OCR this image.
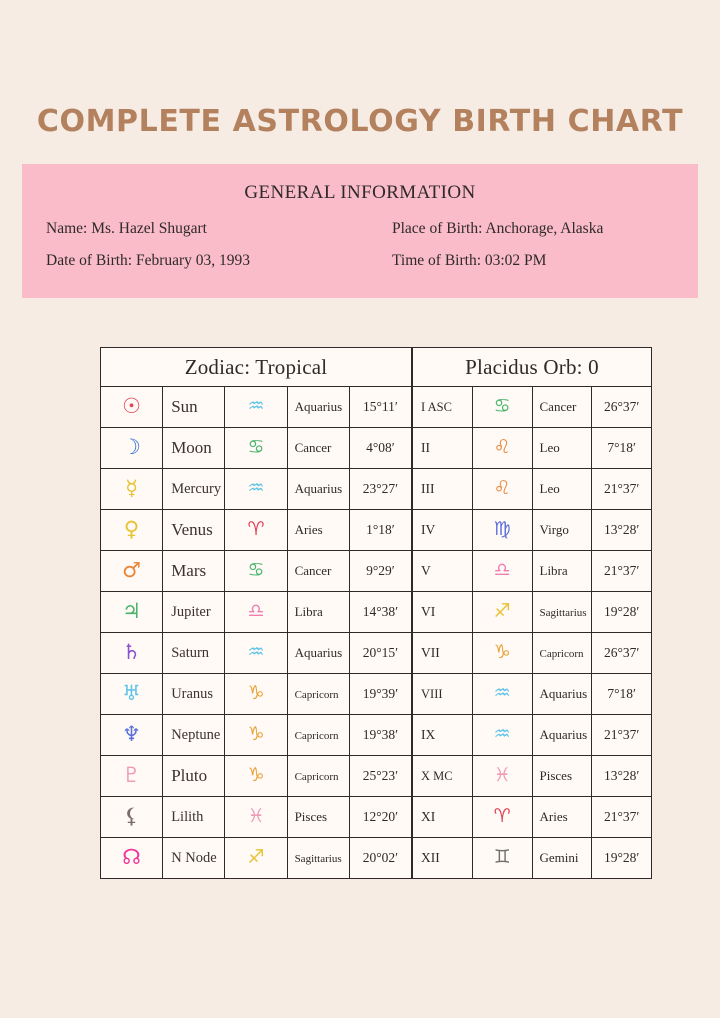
COMPLETE ASTROLOGY BIRTH CHART
GENERAL INFORMATION
Name: Ms. Hazel Shugart	Place of Birth: Anchorage, Alaska
Date of Birth: February 03, 1993	Time of Birth: 03:02 PM
Zodiac: Tropical				
☉	Sun	♒	Aquarius	15°11′
☽	Moon	♋	Cancer	4°08′
☿	Mercury	♒	Aquarius	23°27′
♀	Venus	♈	Aries	1°18′
♂	Mars	♋	Cancer	9°29′
♃	Jupiter	♎	Libra	14°38′
♄	Saturn	♒	Aquarius	20°15′
♅	Uranus	♑	Capricorn	19°39′
♆	Neptune	♑	Capricorn	19°38′
♇	Pluto	♑	Capricorn	25°23′
⚸	Lilith	♓	Pisces	12°20′
☊	N Node	♐	Sagittarius	20°02′
Placidus Orb: 0			
I ASC	♋	Cancer	26°37′
II	♌	Leo	7°18′
III	♌	Leo	21°37′
IV	♍	Virgo	13°28′
V	♎	Libra	21°37′
VI	♐	Sagittarius	19°28′
VII	♑	Capricorn	26°37′
VIII	♒	Aquarius	7°18′
IX	♒	Aquarius	21°37′
X MC	♓	Pisces	13°28′
XI	♈	Aries	21°37′
XII	♊	Gemini	19°28′
